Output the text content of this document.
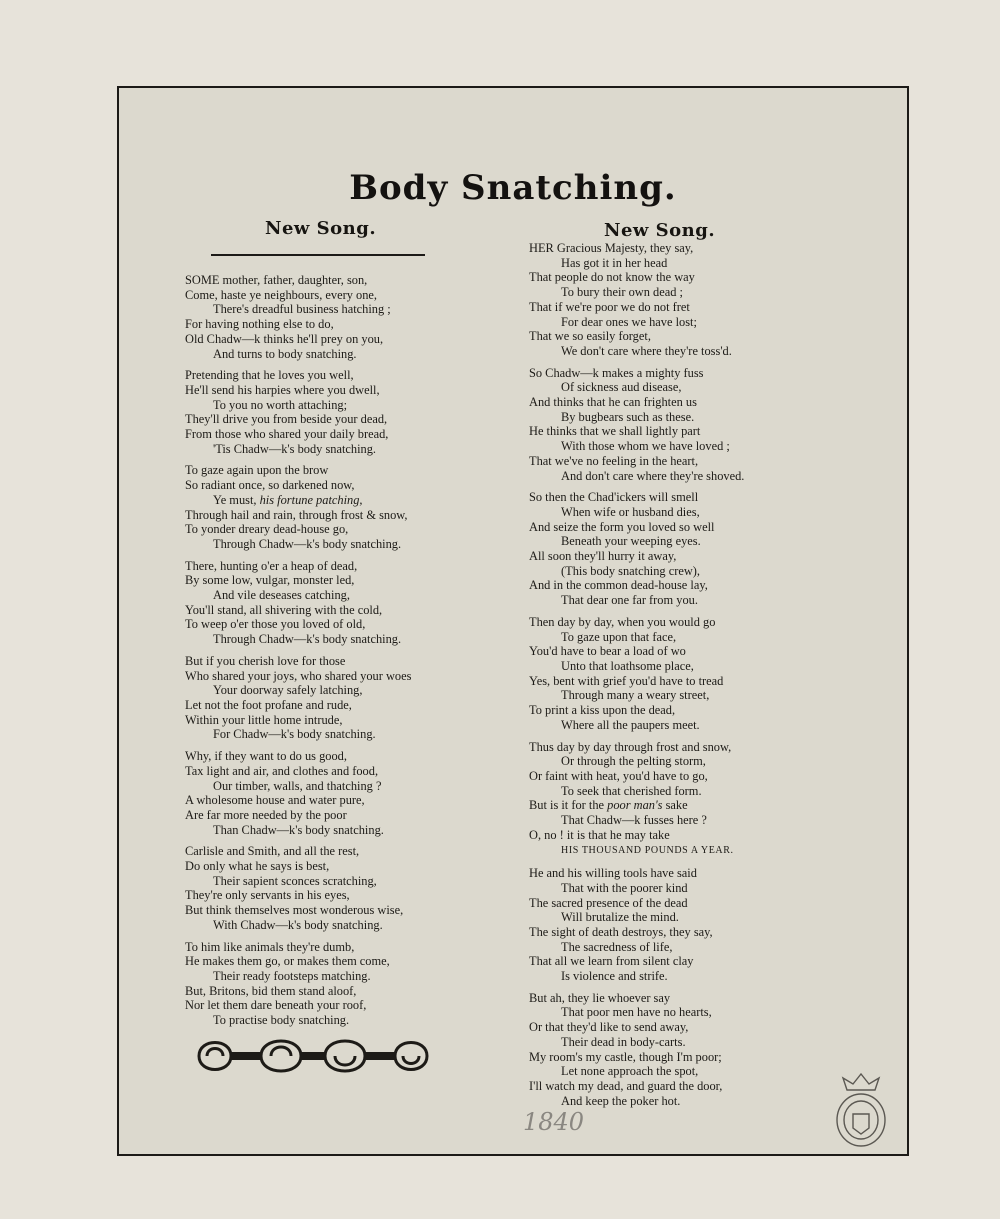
Body Snatching.
New Song.	New Song.
SOME mother, father, daughter, son,
Come, haste ye neighbours, every one,
There's dreadful business hatching ;
For having nothing else to do,
Old Chadw—k thinks he'll prey on you,
And turns to body snatching.
Pretending that he loves you well,
He'll send his harpies where you dwell,
To you no worth attaching;
They'll drive you from beside your dead,
From those who shared your daily bread,
'Tis Chadw—k's body snatching.
To gaze again upon the brow
So radiant once, so darkened now,
Ye must, his fortune patching,
Through hail and rain, through frost & snow,
To yonder dreary dead-house go,
Through Chadw—k's body snatching.
There, hunting o'er a heap of dead,
By some low, vulgar, monster led,
And vile deseases catching,
You'll stand, all shivering with the cold,
To weep o'er those you loved of old,
Through Chadw—k's body snatching.
But if you cherish love for those
Who shared your joys, who shared your woes
Your doorway safely latching,
Let not the foot profane and rude,
Within your little home intrude,
For Chadw—k's body snatching.
Why, if they want to do us good,
Tax light and air, and clothes and food,
Our timber, walls, and thatching ?
A wholesome house and water pure,
Are far more needed by the poor
Than Chadw—k's body snatching.
Carlisle and Smith, and all the rest,
Do only what he says is best,
Their sapient sconces scratching,
They're only servants in his eyes,
But think themselves most wonderous wise,
With Chadw—k's body snatching.
To him like animals they're dumb,
He makes them go, or makes them come,
Their ready footsteps matching.
But, Britons, bid them stand aloof,
Nor let them dare beneath your roof,
To practise body snatching.
HER Gracious Majesty, they say,
Has got it in her head
That people do not know the way
To bury their own dead ;
That if we're poor we do not fret
For dear ones we have lost;
That we so easily forget,
We don't care where they're toss'd.
So Chadw—k makes a mighty fuss
Of sickness aud disease,
And thinks that he can frighten us
By bugbears such as these.
He thinks that we shall lightly part
With those whom we have loved ;
That we've no feeling in the heart,
And don't care where they're shoved.
So then the Chad'ickers will smell
When wife or husband dies,
And seize the form you loved so well
Beneath your weeping eyes.
All soon they'll hurry it away,
(This body snatching crew),
And in the common dead-house lay,
That dear one far from you.
Then day by day, when you would go
To gaze upon that face,
You'd have to bear a load of wo
Unto that loathsome place,
Yes, bent with grief you'd have to tread
Through many a weary street,
To print a kiss upon the dead,
Where all the paupers meet.
Thus day by day through frost and snow,
Or through the pelting storm,
Or faint with heat, you'd have to go,
To seek that cherished form.
But is it for the poor man's sake
That Chadw—k fusses here ?
O, no ! it is that he may take
HIS THOUSAND POUNDS A YEAR.
He and his willing tools have said
That with the poorer kind
The sacred presence of the dead
Will brutalize the mind.
The sight of death destroys, they say,
The sacredness of life,
That all we learn from silent clay
Is violence and strife.
But ah, they lie whoever say
That poor men have no hearts,
Or that they'd like to send away,
Their dead in body-carts.
My room's my castle, though I'm poor;
Let none approach the spot,
I'll watch my dead, and guard the door,
And keep the poker hot.
1840
